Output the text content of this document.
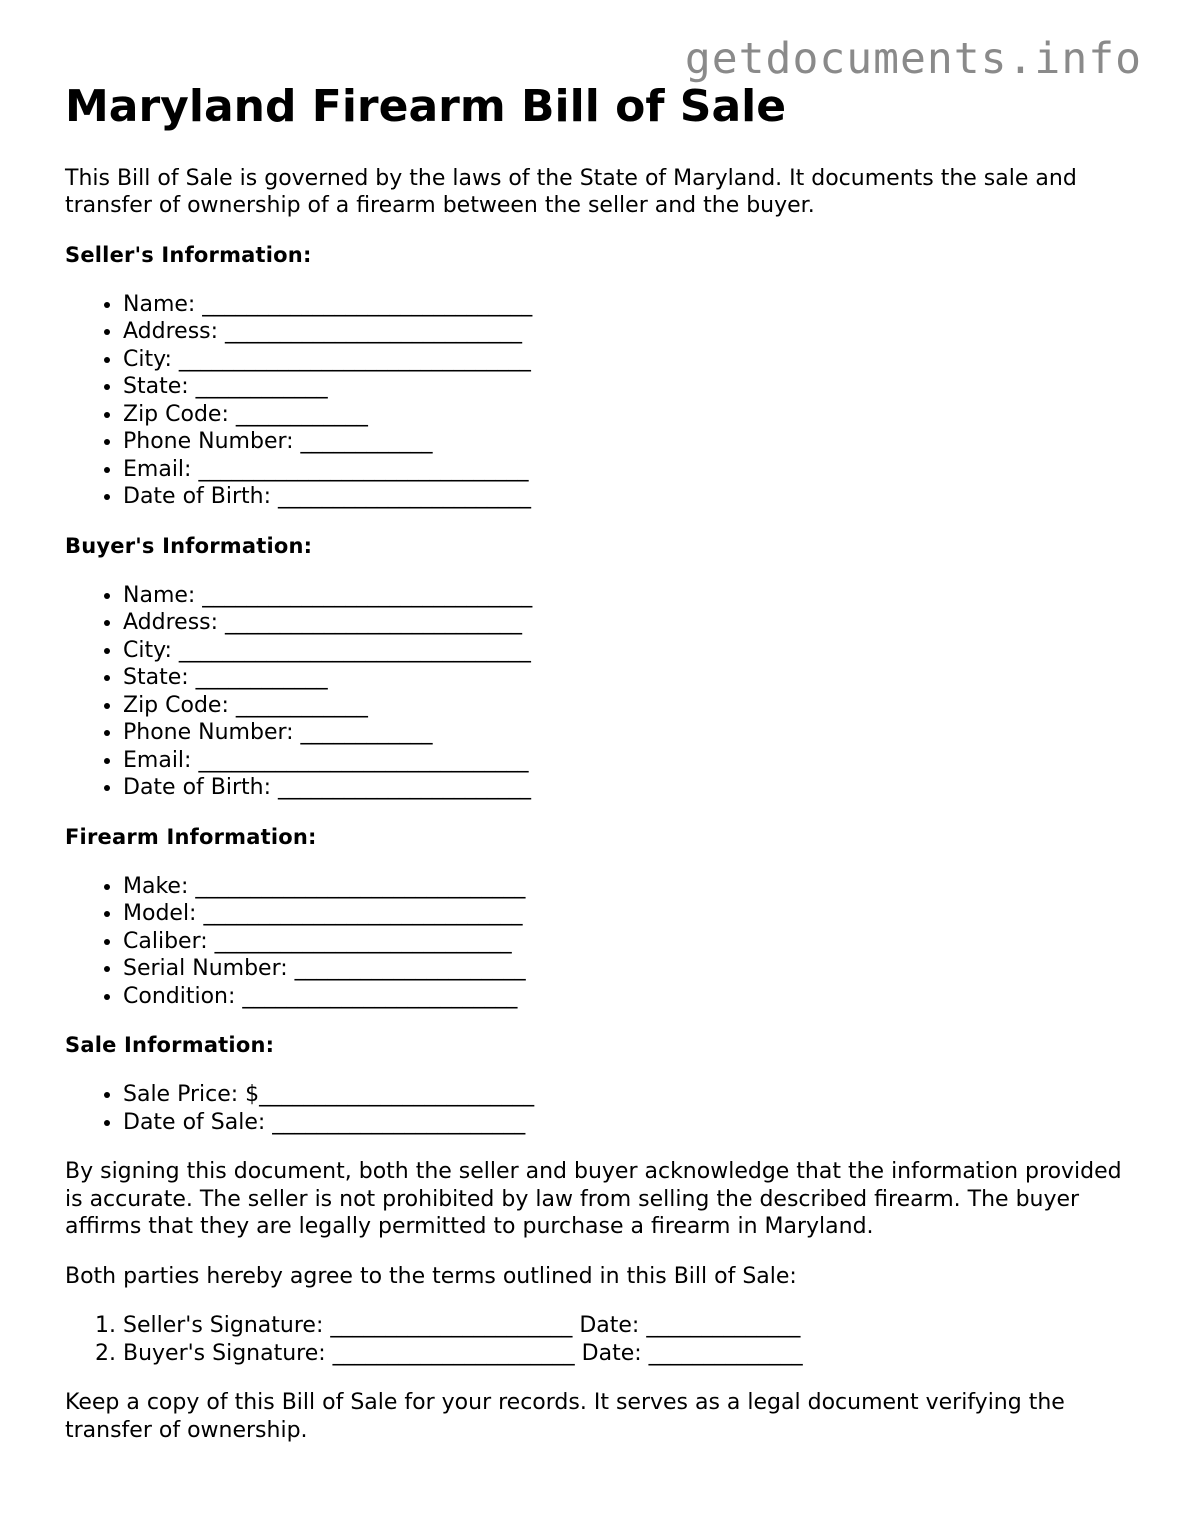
getdocuments.info
Maryland Firearm Bill of Sale

This Bill of Sale is governed by the laws of the State of Maryland. It documents the sale and transfer of ownership of a firearm between the seller and the buyer.

Seller's Information:
• Name: ______________________________
• Address: ___________________________
• City: ________________________________
• State: ____________
• Zip Code: ____________
• Phone Number: ____________
• Email: ______________________________
• Date of Birth: _______________________
Buyer's Information:
• Name: ______________________________
• Address: ___________________________
• City: ________________________________
• State: ____________
• Zip Code: ____________
• Phone Number: ____________
• Email: ______________________________
• Date of Birth: _______________________
Firearm Information:
• Make: ______________________________
• Model: _____________________________
• Caliber: ___________________________
• Serial Number: _____________________
• Condition: _________________________
Sale Information:
• Sale Price: $_________________________
• Date of Sale: _______________________

By signing this document, both the seller and buyer acknowledge that the information provided is accurate. The seller is not prohibited by law from selling the described firearm. The buyer affirms that they are legally permitted to purchase a firearm in Maryland.

Both parties hereby agree to the terms outlined in this Bill of Sale:

1. Seller's Signature: ______________________ Date: ______________
2. Buyer's Signature: ______________________ Date: ______________

Keep a copy of this Bill of Sale for your records. It serves as a legal document verifying the transfer of ownership.
